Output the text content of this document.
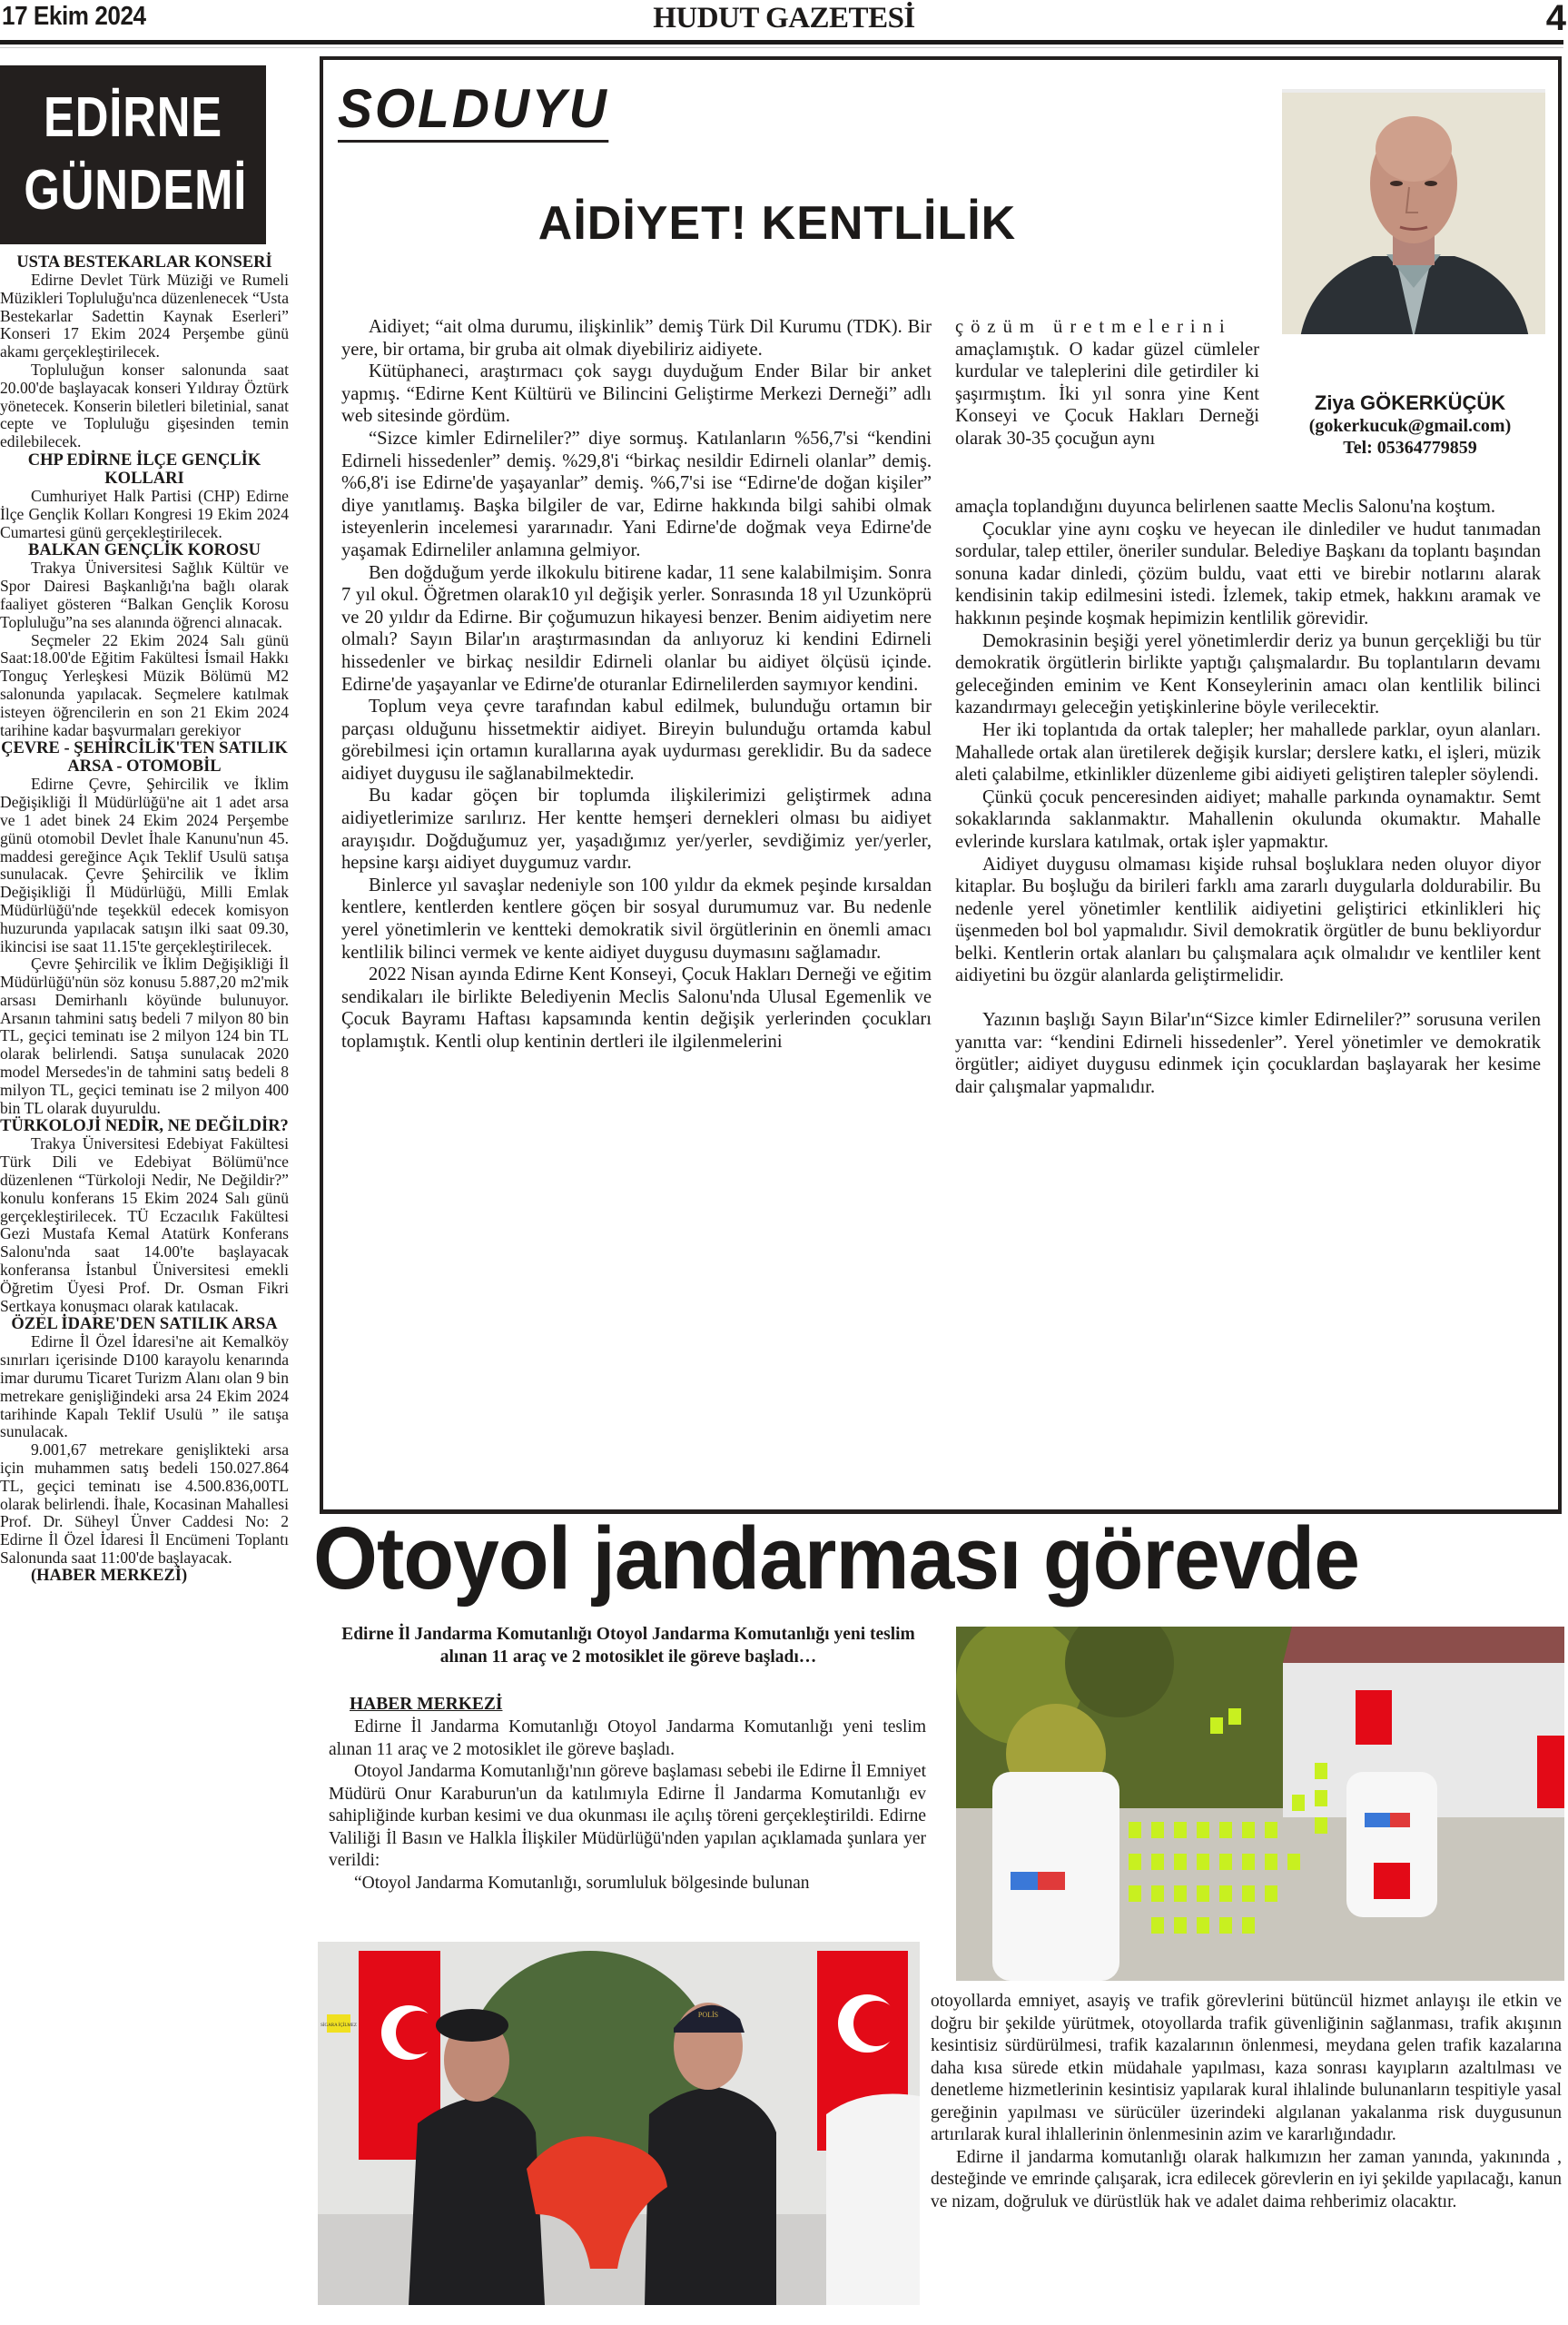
17 Ekim 2024	HUDUT GAZETESİ	4
EDİRNE
GÜNDEMİ
USTA BESTEKARLAR KONSERİ

Edirne Devlet Türk Müziği ve Rumeli Müzikleri Topluluğu'nca düzenlenecek “Usta Bestekarlar Sadettin Kaynak Eserleri” Konseri 17 Ekim 2024 Perşembe günü akamı gerçekleştirilecek.

Topluluğun konser salonunda saat 20.00'de başlayacak konseri Yıldıray Öztürk yönetecek. Konserin biletleri biletinial, sanat cepte ve Topluluğu gişesinden temin edilebilecek.

CHP EDİRNE İLÇE GENÇLİK KOLLARI

Cumhuriyet Halk Partisi (CHP) Edirne İlçe Gençlik Kolları Kongresi 19 Ekim 2024 Cumartesi günü gerçekleştirilecek.

BALKAN GENÇLİK KOROSU

Trakya Üniversitesi Sağlık Kültür ve Spor Dairesi Başkanlığı'na bağlı olarak faaliyet gösteren “Balkan Gençlik Korosu Topluluğu”na ses alanında öğrenci alınacak.

Seçmeler 22 Ekim 2024 Salı günü Saat:18.00'de Eğitim Fakültesi İsmail Hakkı Tonguç Yerleşkesi Müzik Bölümü M2 salonunda yapılacak. Seçmelere katılmak isteyen öğrencilerin en son 21 Ekim 2024 tarihine kadar başvurmaları gerekiyor

ÇEVRE - ŞEHİRCİLİK'TEN SATILIK ARSA - OTOMOBİL

Edirne Çevre, Şehircilik ve İklim Değişikliği İl Müdürlüğü'ne ait 1 adet arsa ve 1 adet binek 24 Ekim 2024 Perşembe günü otomobil Devlet İhale Kanunu'nun 45. maddesi gereğince Açık Teklif Usulü satışa sunulacak. Çevre Şehircilik ve İklim Değişikliği İl Müdürlüğü, Milli Emlak Müdürlüğü'nde teşekkül edecek komisyon huzurunda yapılacak satışın ilki saat 09.30, ikincisi ise saat 11.15'te gerçekleştirilecek.

Çevre Şehircilik ve İklim Değişikliği İl Müdürlüğü'nün söz konusu 5.887,20 m2'mik arsası Demirhanlı köyünde bulunuyor. Arsanın tahmini satış bedeli 7 milyon 80 bin TL, geçici teminatı ise 2 milyon 124 bin TL olarak belirlendi. Satışa sunulacak 2020 model Mersedes'in de tahmini satış bedeli 8 milyon TL, geçici teminatı ise 2 milyon 400 bin TL olarak duyuruldu.

TÜRKOLOJİ NEDİR, NE DEĞİLDİR?

Trakya Üniversitesi Edebiyat Fakültesi Türk Dili ve Edebiyat Bölümü'nce düzenlenen “Türkoloji Nedir, Ne Değildir?” konulu konferans 15 Ekim 2024 Salı günü gerçekleştirilecek. TÜ Eczacılık Fakültesi Gezi Mustafa Kemal Atatürk Konferans Salonu'nda saat 14.00'te başlayacak konferansa İstanbul Üniversitesi emekli Öğretim Üyesi Prof. Dr. Osman Fikri Sertkaya konuşmacı olarak katılacak.

ÖZEL İDARE'DEN SATILIK ARSA

Edirne İl Özel İdaresi'ne ait Kemalköy sınırları içerisinde D100 karayolu kenarında imar durumu Ticaret Turizm Alanı olan 9 bin metrekare genişliğindeki arsa 24 Ekim 2024 tarihinde Kapalı Teklif Usulü ” ile satışa sunulacak.

9.001,67 metrekare genişlikteki arsa için muhammen satış bedeli 150.027.864 TL, geçici teminatı ise 4.500.836,00TL olarak belirlendi. İhale, Kocasinan Mahallesi Prof. Dr. Süheyl Ünver Caddesi No: 2 Edirne İl Özel İdaresi İl Encümeni Toplantı Salonunda saat 11:00'de başlayacak.

(HABER MERKEZİ)

SOLDUYU
AİDİYET! KENTLİLİK
Ziya GÖKERKÜÇÜK
(gokerkucuk@gmail.com)
Tel: 05364779859

Aidiyet; “ait olma durumu, ilişkinlik” demiş Türk Dil Kurumu (TDK). Bir yere, bir ortama, bir gruba ait olmak diyebiliriz aidiyete.

Kütüphaneci, araştırmacı çok saygı duyduğum Ender Bilar bir anket yapmış. “Edirne Kent Kültürü ve Bilincini Geliştirme Merkezi Derneği” adlı web sitesinde gördüm.

“Sizce kimler Edirneliler?” diye sormuş. Katılanların %56,7'si “kendini Edirneli hissedenler” demiş. %29,8'i “birkaç nesildir Edirneli olanlar” demiş. %6,8'i ise Edirne'de yaşayanlar” demiş. %6,7'si ise “Edirne'de doğan kişiler” diye yanıtlamış. Başka bilgiler de var, Edirne hakkında bilgi sahibi olmak isteyenlerin incelemesi yararınadır. Yani Edirne'de doğmak veya Edirne'de yaşamak Edirneliler anlamına gelmiyor.

Ben doğduğum yerde ilkokulu bitirene kadar, 11 sene kalabilmişim. Sonra 7 yıl okul. Öğretmen olarak10 yıl değişik yerler. Sonrasında 18 yıl Uzunköprü ve 20 yıldır da Edirne. Bir çoğumuzun hikayesi benzer. Benim aidiyetim nere olmalı? Sayın Bilar'ın araştırmasından da anlıyoruz ki kendini Edirneli hissedenler ve birkaç nesildir Edirneli olanlar bu aidiyet ölçüsü içinde. Edirne'de yaşayanlar ve Edirne'de oturanlar Edirnelilerden saymıyor kendini.

Toplum veya çevre tarafından kabul edilmek, bulunduğu ortamın bir parçası olduğunu hissetmektir aidiyet. Bireyin bulunduğu ortamda kabul görebilmesi için ortamın kurallarına ayak uydurması gereklidir. Bu da sadece aidiyet duygusu ile sağlanabilmektedir.

Bu kadar göçen bir toplumda ilişkilerimizi geliştirmek adına aidiyetlerimize sarılırız. Her kentte hemşeri dernekleri olması bu aidiyet arayışıdır. Doğduğumuz yer, yaşadığımız yer/yerler, sevdiğimiz yer/yerler, hepsine karşı aidiyet duygumuz vardır.

Binlerce yıl savaşlar nedeniyle son 100 yıldır da ekmek peşinde kırsaldan kentlere, kentlerden kentlere göçen bir sosyal durumumuz var. Bu nedenle yerel yönetimlerin ve kentteki demokratik sivil örgütlerinin en önemli amacı kentlilik bilinci vermek ve kente aidiyet duygusu duymasını sağlamadır.

2022 Nisan ayında Edirne Kent Konseyi, Çocuk Hakları Derneği ve eğitim sendikaları ile birlikte Belediyenin Meclis Salonu'nda Ulusal Egemenlik ve Çocuk Bayramı Haftası kapsamında kentin değişik yerlerinden çocukları toplamıştık. Kentli olup kentinin dertleri ile ilgilenmelerini

çözüm üretmelerini

amaçlamıştık. O kadar güzel cümleler kurdular ve taleplerini dile getirdiler ki şaşırmıştım. İki yıl sonra yine Kent Konseyi ve Çocuk Hakları Derneği olarak 30-35 çocuğun aynı

amaçla toplandığını duyunca belirlenen saatte Meclis Salonu'na koştum.

Çocuklar yine aynı coşku ve heyecan ile dinlediler ve hudut tanımadan sordular, talep ettiler, öneriler sundular. Belediye Başkanı da toplantı başından sonuna kadar dinledi, çözüm buldu, vaat etti ve birebir notlarını alarak kendisinin takip edilmesini istedi. İzlemek, takip etmek, hakkını aramak ve hakkının peşinde koşmak hepimizin kentlilik görevidir.

Demokrasinin beşiği yerel yönetimlerdir deriz ya bunun gerçekliği bu tür demokratik örgütlerin birlikte yaptığı çalışmalardır. Bu toplantıların devamı geleceğinden eminim ve Kent Konseylerinin amacı olan kentlilik bilinci kazandırmayı geleceğin yetişkinlerine böyle verilecektir.

Her iki toplantıda da ortak talepler; her mahallede parklar, oyun alanları. Mahallede ortak alan üretilerek değişik kurslar; derslere katkı, el işleri, müzik aleti çalabilme, etkinlikler düzenleme gibi aidiyeti geliştiren talepler söylendi.

Çünkü çocuk penceresinden aidiyet; mahalle parkında oynamaktır. Semt sokaklarında saklanmaktır. Mahallenin okulunda okumaktır. Mahalle evlerinde kurslara katılmak, ortak işler yapmaktır.

Aidiyet duygusu olmaması kişide ruhsal boşluklara neden oluyor diyor kitaplar. Bu boşluğu da birileri farklı ama zararlı duygularla doldurabilir. Bu nedenle yerel yönetimler kentlilik aidiyetini geliştirici etkinlikleri hiç üşenmeden bol bol yapmalıdır. Sivil demokratik örgütler de bunu bekliyordur belki. Kentlerin ortak alanları bu çalışmalara açık olmalıdır ve kentliler kent aidiyetini bu özgür alanlarda geliştirmelidir.

Yazının başlığı Sayın Bilar'ın“Sizce kimler Edirneliler?” sorusuna verilen yanıtta var: “kendini Edirneli hissedenler”. Yerel yönetimler ve demokratik örgütler; aidiyet duygusu edinmek için çocuklardan başlayarak her kesime dair çalışmalar yapmalıdır.

Otoyol jandarması görevde
Edirne İl Jandarma Komutanlığı Otoyol Jandarma Komutanlığı yeni teslim alınan 11 araç ve 2 motosiklet ile göreve başladı…
HABER MERKEZİ

Edirne İl Jandarma Komutanlığı Otoyol Jandarma Komutanlığı yeni teslim alınan 11 araç ve 2 motosiklet ile göreve başladı.

Otoyol Jandarma Komutanlığı'nın göreve başlaması sebebi ile Edirne İl Emniyet Müdürü Onur Karaburun'un da katılımıyla Edirne İl Jandarma Komutanlığı ev sahipliğinde kurban kesimi ve dua okunması ile açılış töreni gerçekleştirildi. Edirne Valiliği İl Basın ve Halkla İlişkiler Müdürlüğü'nden yapılan açıklamada şunlara yer verildi:

“Otoyol Jandarma Komutanlığı, sorumluluk bölgesinde bulunan

SİGARA İÇİLMEZ
POLİS

otoyollarda emniyet, asayiş ve trafik görevlerini bütüncül hizmet anlayışı ile etkin ve doğru bir şekilde yürütmek, otoyollarda trafik güvenliğinin sağlanması, trafik akışının kesintisiz sürdürülmesi, trafik kazalarının önlenmesi, meydana gelen trafik kazalarına daha kısa sürede etkin müdahale yapılması, kaza sonrası kayıpların azaltılması ve denetleme hizmetlerinin kesintisiz yapılarak kural ihlalinde bulunanların tespitiyle yasal gereğinin yapılması ve sürücüler üzerindeki algılanan yakalanma risk duygusunun artırılarak kural ihlallerinin önlenmesinin azim ve kararlığındadır.

Edirne il jandarma komutanlığı olarak halkımızın her zaman yanında, yakınında , desteğinde ve emrinde çalışarak, icra edilecek görevlerin en iyi şekilde yapılacağı, kanun ve nizam, doğruluk ve dürüstlük hak ve adalet daima rehberimiz olacaktır.
